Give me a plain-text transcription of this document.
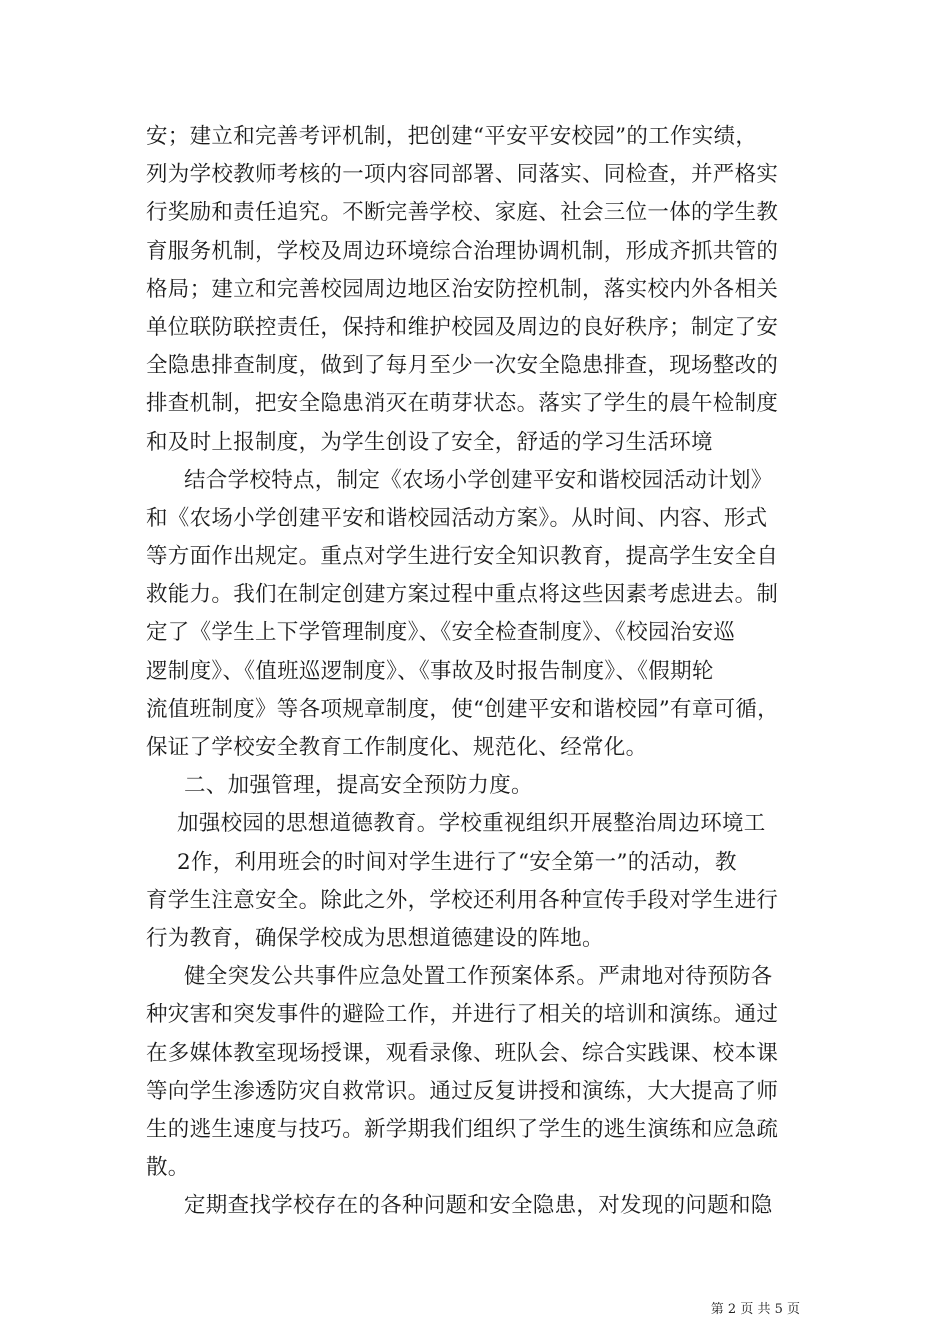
安；建立和完善考评机制，把创建“平安平安校园”的工作实绩，
列为学校教师考核的一项内容同部署、同落实、同检查，并严格实
行奖励和责任追究。不断完善学校、家庭、社会三位一体的学生教
育服务机制，学校及周边环境综合治理协调机制，形成齐抓共管的
格局；建立和完善校园周边地区治安防控机制，落实校内外各相关
单位联防联控责任，保持和维护校园及周边的良好秩序；制定了安
全隐患排查制度，做到了每月至少一次安全隐患排查，现场整改的
排查机制，把安全隐患消灭在萌芽状态。落实了学生的晨午检制度
和及时上报制度，为学生创设了安全，舒适的学习生活环境
结合学校特点，制定《农场小学创建平安和谐校园活动计划》
和《农场小学创建平安和谐校园活动方案》。从时间、内容、形式
等方面作出规定。重点对学生进行安全知识教育，提高学生安全自
救能力。我们在制定创建方案过程中重点将这些因素考虑进去。制
定了《学生上下学管理制度》、《安全检查制度》、《校园治安巡
逻制度》、《值班巡逻制度》、《事故及时报告制度》、《假期轮
流值班制度》等各项规章制度，使“创建平安和谐校园”有章可循，
保证了学校安全教育工作制度化、规范化、经常化。
二、加强管理，提高安全预防力度。
加强校园的思想道德教育。学校重视组织开展整治周边环境工
2作，利用班会的时间对学生进行了“安全第一”的活动，教
育学生注意安全。除此之外，学校还利用各种宣传手段对学生进行
行为教育，确保学校成为思想道德建设的阵地。
健全突发公共事件应急处置工作预案体系。严肃地对待预防各
种灾害和突发事件的避险工作，并进行了相关的培训和演练。通过
在多媒体教室现场授课，观看录像、班队会、综合实践课、校本课
等向学生渗透防灾自救常识。通过反复讲授和演练，大大提高了师
生的逃生速度与技巧。新学期我们组织了学生的逃生演练和应急疏
散。
定期查找学校存在的各种问题和安全隐患，对发现的问题和隐
第 2 页 共 5 页
